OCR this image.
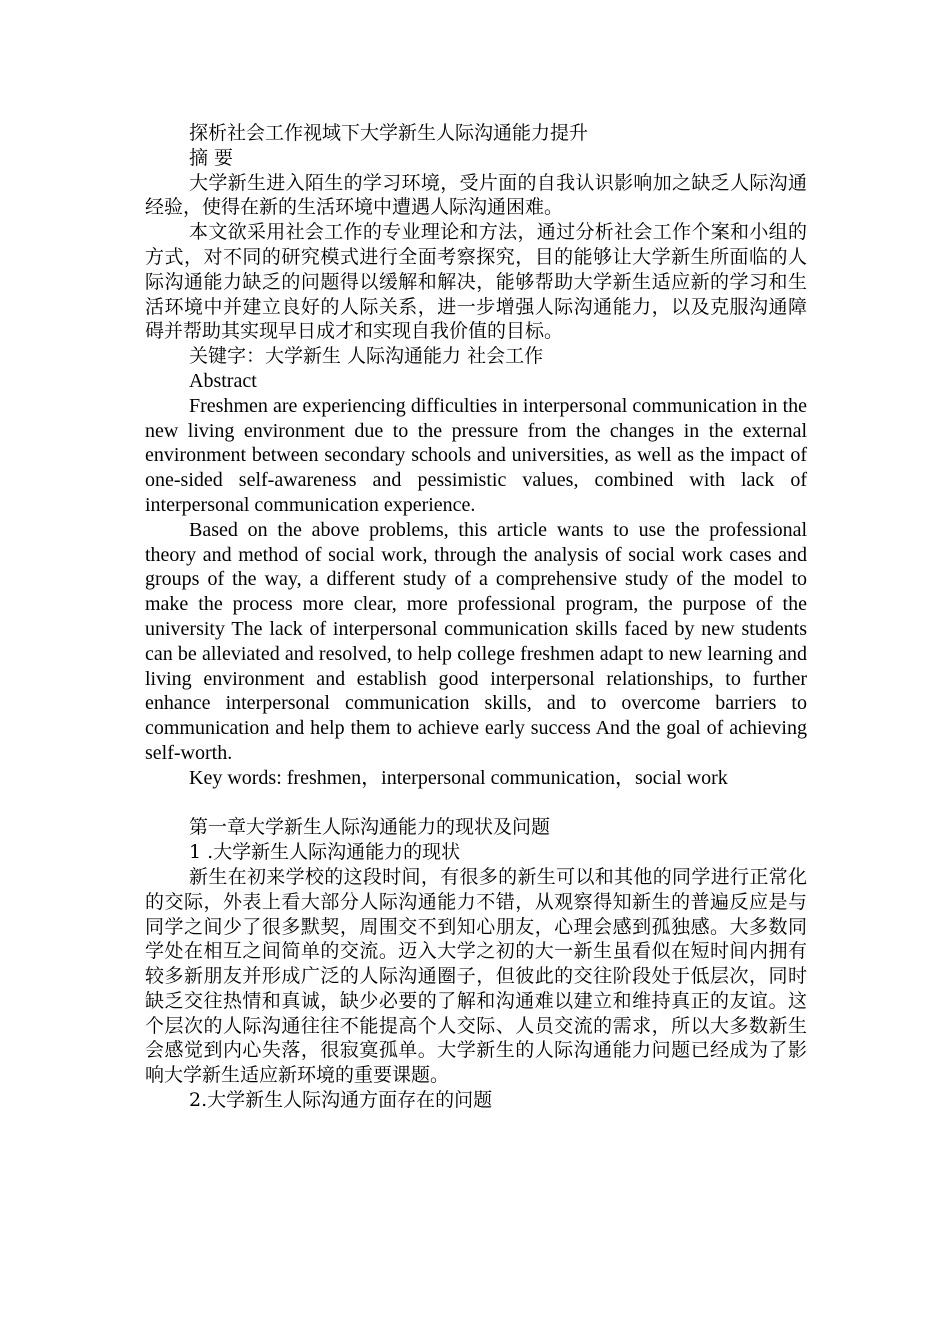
探析社会工作视域下大学新生人际沟通能力提升

摘 要

大学新生进入陌生的学习环境，受片面的自我认识影响加之缺乏人际沟通经验，使得在新的生活环境中遭遇人际沟通困难。

本文欲采用社会工作的专业理论和方法，通过分析社会工作个案和小组的方式，对不同的研究模式进行全面考察探究，目的能够让大学新生所面临的人际沟通能力缺乏的问题得以缓解和解决，能够帮助大学新生适应新的学习和生活环境中并建立良好的人际关系，进一步增强人际沟通能力，以及克服沟通障碍并帮助其实现早日成才和实现自我价值的目标。

关键字：大学新生 人际沟通能力 社会工作

Abstract

Freshmen are experiencing difficulties in interpersonal communication in the new living environment due to the pressure from the changes in the external environment between secondary schools and universities, as well as the impact of one-sided self-awareness and pessimistic values, combined with lack of interpersonal communication experience.

Based on the above problems, this article wants to use the professional theory and method of social work, through the analysis of social work cases and groups of the way, a different study of a comprehensive study of the model to make the process more clear, more professional program, the purpose of the university The lack of interpersonal communication skills faced by new students can be alleviated and resolved, to help college freshmen adapt to new learning and living environment and establish good interpersonal relationships, to further enhance interpersonal communication skills, and to overcome barriers to communication and help them to achieve early success And the goal of achieving self-worth.

Key words: freshmen，interpersonal communication，social work

第一章大学新生人际沟通能力的现状及问题

1 .大学新生人际沟通能力的现状

新生在初来学校的这段时间，有很多的新生可以和其他的同学进行正常化的交际，外表上看大部分人际沟通能力不错，从观察得知新生的普遍反应是与同学之间少了很多默契，周围交不到知心朋友，心理会感到孤独感。大多数同学处在相互之间简单的交流。迈入大学之初的大一新生虽看似在短时间内拥有较多新朋友并形成广泛的人际沟通圈子，但彼此的交往阶段处于低层次，同时缺乏交往热情和真诚，缺少必要的了解和沟通难以建立和维持真正的友谊。这个层次的人际沟通往往不能提高个人交际、人员交流的需求，所以大多数新生会感觉到内心失落，很寂寞孤单。大学新生的人际沟通能力问题已经成为了影响大学新生适应新环境的重要课题。

2.大学新生人际沟通方面存在的问题
